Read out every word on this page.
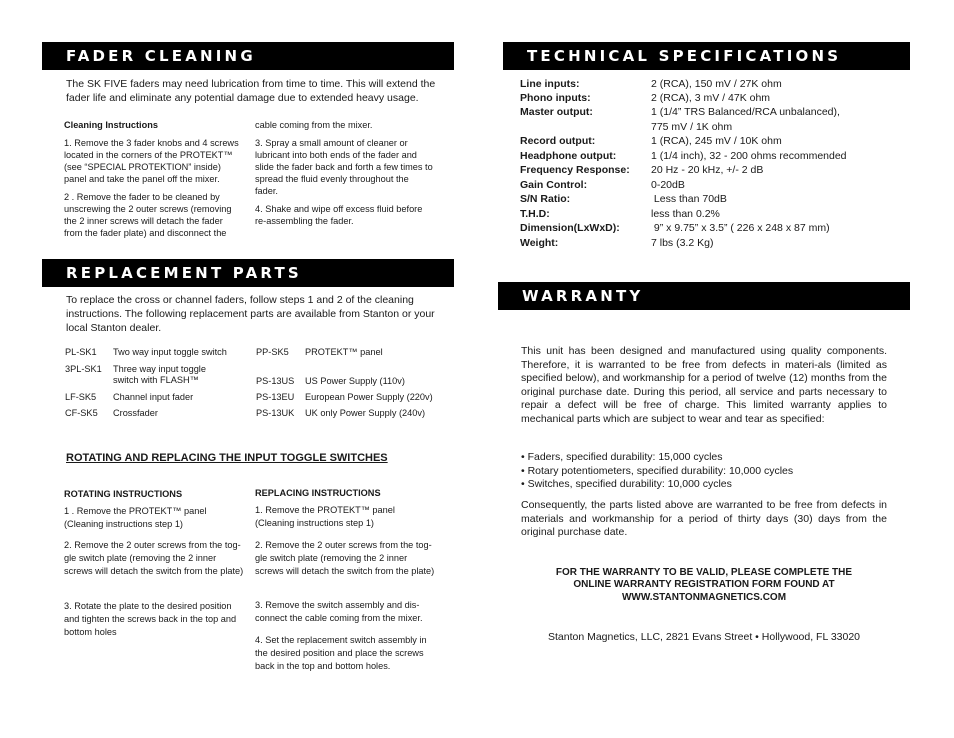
FADER CLEANING
The SK FIVE faders may need lubrication from time to time. This will extend the fader life and eliminate any potential damage due to extended heavy usage.
Cleaning Instructions
1. Remove the 3 fader knobs and 4 screws located in the corners of the PROTEKT™ (see “SPECIAL PROTEKTION” inside) panel and take the panel off the mixer.
2 . Remove the fader to be cleaned by unscrewing the 2 outer screws (removing the 2 inner screws will detach the fader from the fader plate) and disconnect the
cable coming from the mixer.
3. Spray a small amount of cleaner or lubricant into both ends of the fader and slide the fader back and forth a few times to spread the fluid evenly throughout the fader.
4. Shake and wipe off excess fluid before re-assembling the fader.
REPLACEMENT PARTS
To replace the cross or channel faders, follow steps 1 and 2 of the cleaning instructions. The following replacement parts are available from Stanton or your local Stanton dealer.
PL-SK1 Two way input toggle switch
3PL-SK1 Three way input toggle switch with FLASH™
LF-SK5 Channel input fader
CF-SK5 Crossfader
PP-SK5 PROTEKT™ panel
PS-13US US Power Supply (110v)
PS-13EU European Power Supply (220v)
PS-13UK UK only Power Supply (240v)
ROTATING AND REPLACING THE INPUT TOGGLE SWITCHES
ROTATING INSTRUCTIONS
1 . Remove the PROTEKT™ panel (Cleaning instructions step 1)
2. Remove the 2 outer screws from the tog-gle switch plate (removing the 2 inner screws will detach the switch from the plate)
3. Rotate the plate to the desired position and tighten the screws back in the top and bottom holes
REPLACING INSTRUCTIONS
1. Remove the PROTEKT™ panel (Cleaning instructions step 1)
2. Remove the 2 outer screws from the tog-gle switch plate (removing the 2 inner screws will detach the switch from the plate)
3. Remove the switch assembly and dis-connect the cable coming from the mixer.
4. Set the replacement switch assembly in the desired position and place the screws back in the top and bottom holes.
TECHNICAL SPECIFICATIONS
Line inputs:	2 (RCA), 150 mV / 27K ohm
Phono inputs:	2 (RCA), 3 mV / 47K ohm
Master output:	1 (1/4” TRS Balanced/RCA unbalanced),
775 mV / 1K ohm
Record output:	1 (RCA), 245 mV / 10K ohm
Headphone output:	1 (1/4 inch), 32 - 200 ohms recommended
Frequency Response: 20 Hz - 20 kHz, +/- 2 dB
Gain Control:	0-20dB
S/N Ratio:	Less than 70dB
T.H.D:	less than 0.2%
Dimension(LxWxD):	9” x 9.75” x 3.5” ( 226 x 248 x 87 mm)
Weight:	7 lbs (3.2 Kg)
WARRANTY
This unit has been designed and manufactured using quality components. Therefore, it is warranted to be free from defects in materi-als (limited as specified below), and workmanship for a period of twelve (12) months from the original purchase date. During this period, all service and parts necessary to repair a defect will be free of charge. This limited warranty applies to mechanical parts which are subject to wear and tear as specified:
• Faders, specified durability: 15,000 cycles
• Rotary potentiometers, specified durability: 10,000 cycles
• Switches, specified durability: 10,000 cycles
Consequently, the parts listed above are warranted to be free from defects in materials and workmanship for a period of thirty days (30) days from the original purchase date.
FOR THE WARRANTY TO BE VALID, PLEASE COMPLETE THE
ONLINE WARRANTY REGISTRATION FORM FOUND AT
WWW.STANTONMAGNETICS.COM
Stanton Magnetics, LLC, 2821 Evans Street • Hollywood, FL 33020
